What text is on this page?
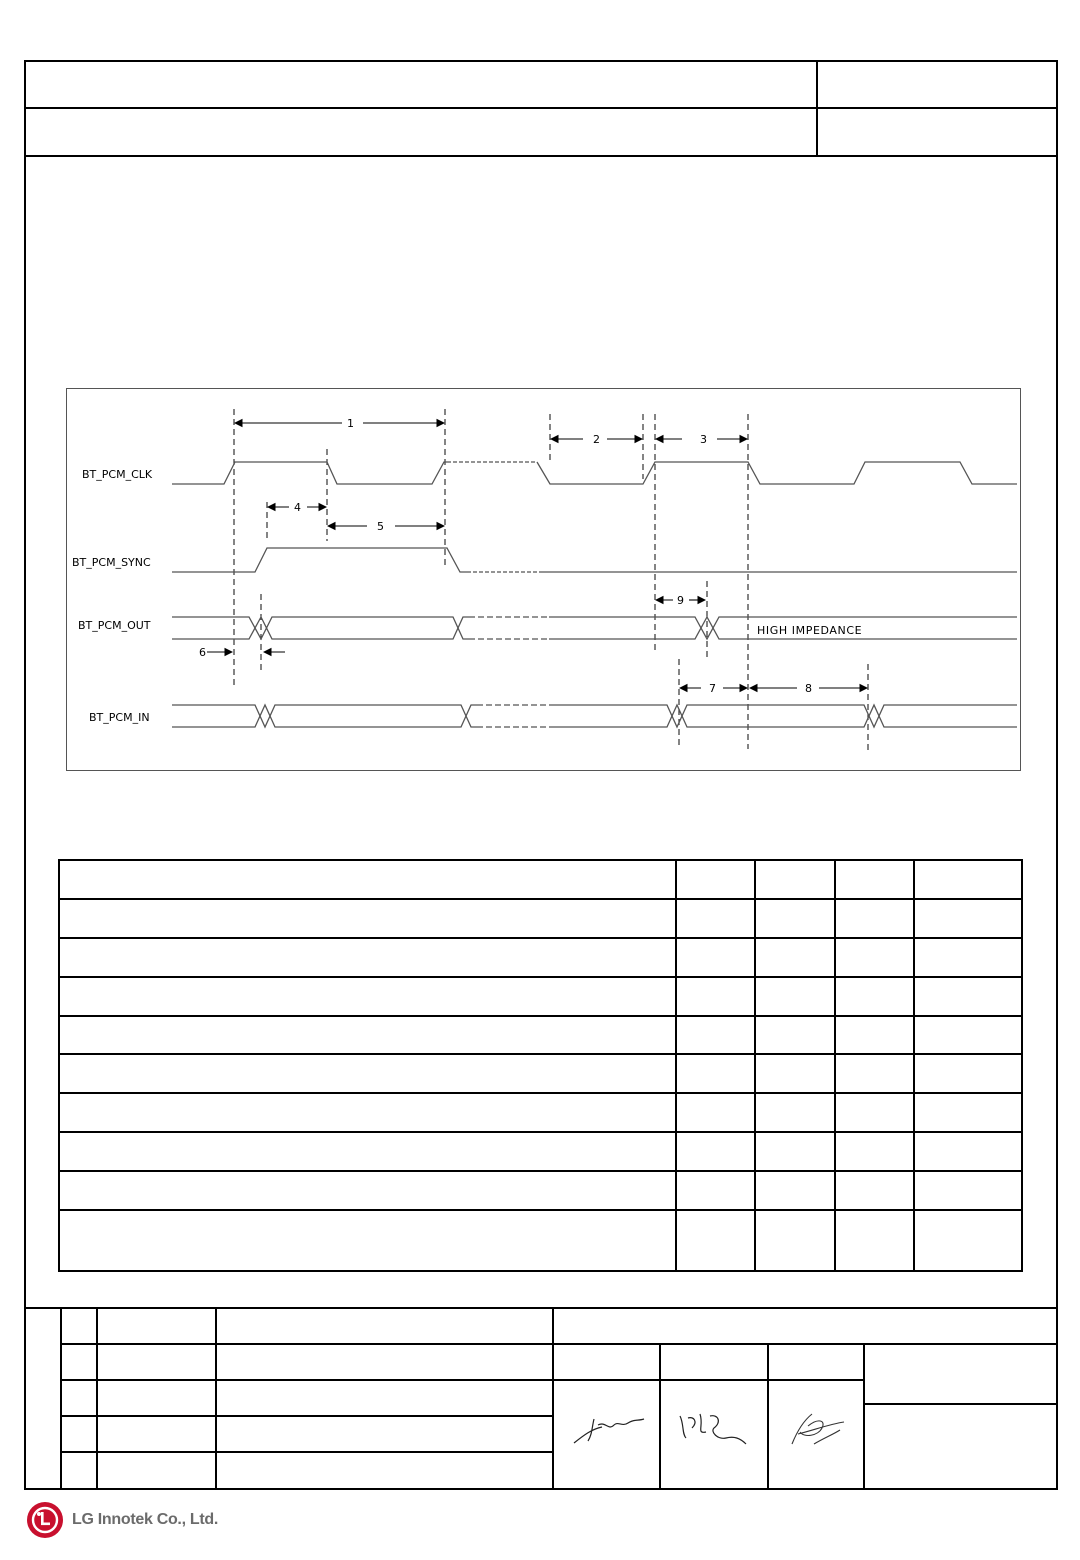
BT_PCM_CLK
BT_PCM_SYNC
BT_PCM_OUT
BT_PCM_IN
1
2	3
4
5
6
7	8
9
HIGH IMPEDANCE
LG Innotek Co., Ltd.
